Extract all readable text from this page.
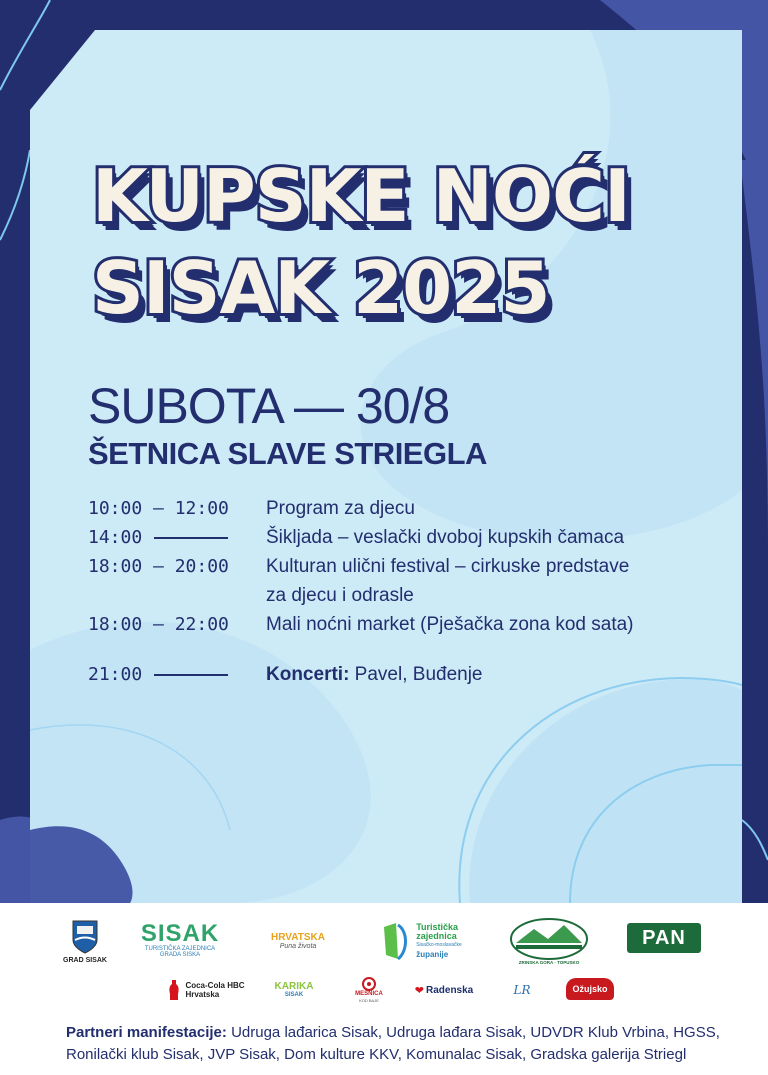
KUPSKE NOĆI
SISAK 2025
SUBOTA — 30/8
ŠETNICA SLAVE STRIEGLA
10:00 – 12:00	Program za djecu
14:00	Šikljada – veslački dvoboj kupskih čamaca
18:00 – 20:00	Kulturan ulični festival – cirkuske predstave
za djecu i odrasle
18:00 – 22:00	Mali noćni market (Pješačka zona kod sata)
21:00	Koncerti: Pavel, Buđenje
GRAD SISAK
SISAK
TURISTIČKA ZAJEDNICA
GRADA SISKA
HRVATSKA
Puna života
Turistička
zajednica
Sisačko-moslavačke
županije
ZRINSKA GORA · TOPUSKO
PAN
Coca-Cola HBC
Hrvatska
KARIKA
SISAK	MESNICA
KOD BAJE
❤ Radenska	LR	Ožujsko
Partneri manifestacije: Udruga lađarica Sisak, Udruga lađara Sisak, UDVDR Klub Vrbina, HGSS, Ronilački klub Sisak, JVP Sisak, Dom kulture KKV, Komunalac Sisak, Gradska galerija Striegl
